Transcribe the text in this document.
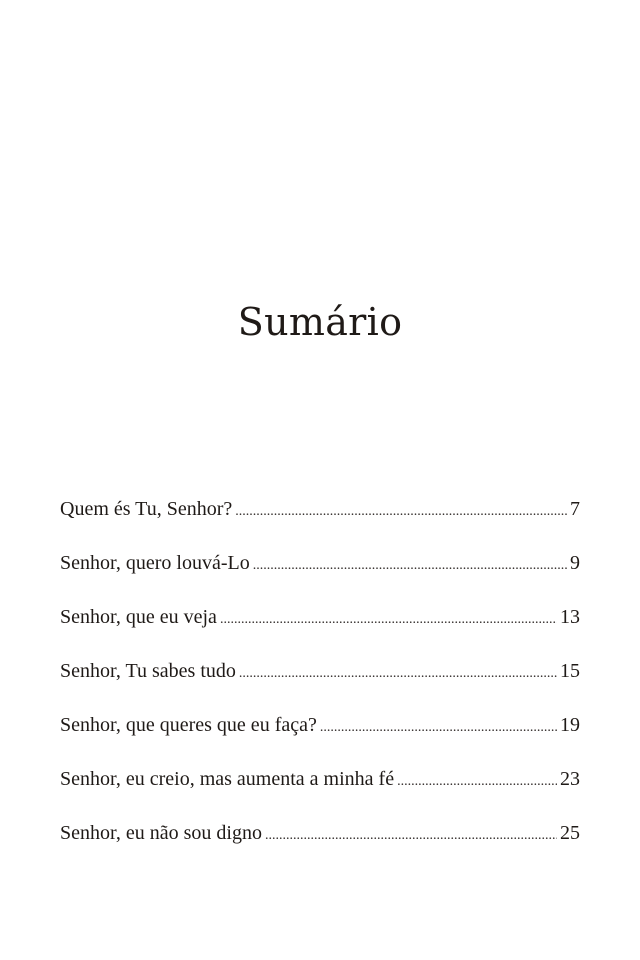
Sumário
Quem és Tu, Senhor? .....	7
Senhor, quero louvá-Lo .....	9
Senhor, que eu veja .....	13
Senhor, Tu sabes tudo .....	15
Senhor, que queres que eu faça? .....	19
Senhor, eu creio, mas aumenta a minha fé .....	23
Senhor, eu não sou digno .....	25
